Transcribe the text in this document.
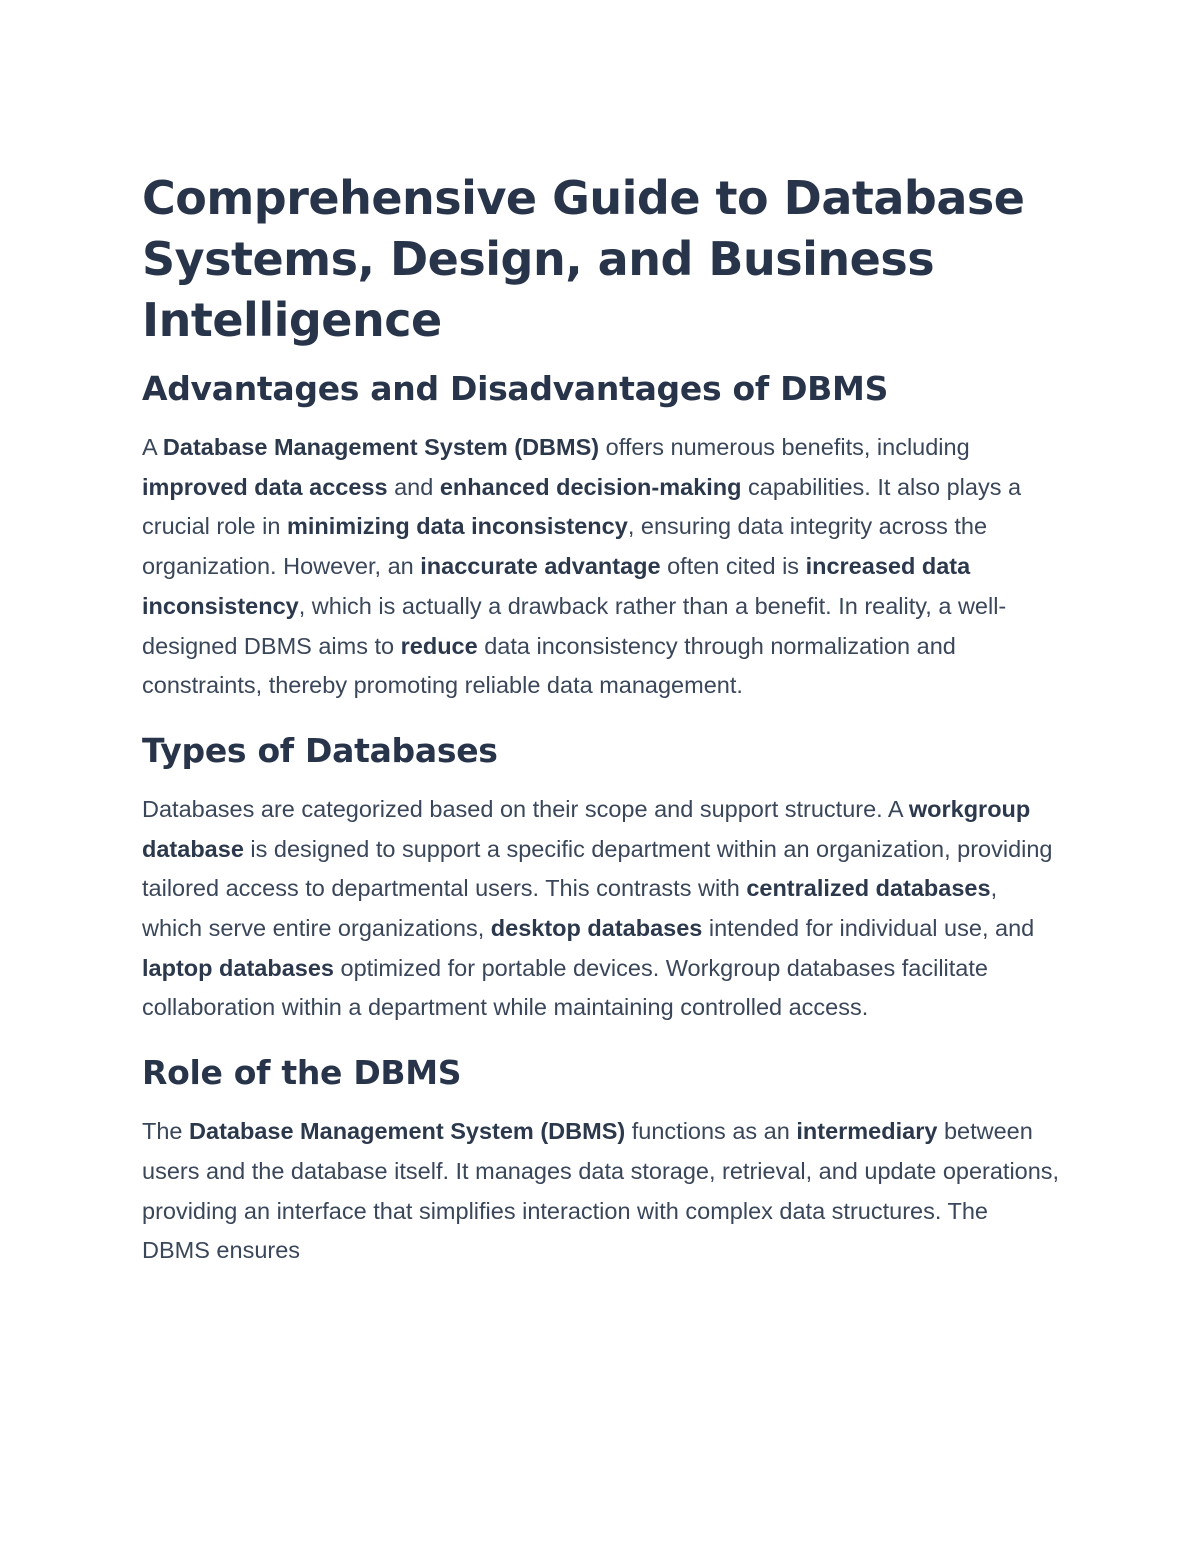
Comprehensive Guide to Database Systems, Design, and Business Intelligence
Advantages and Disadvantages of DBMS

A Database Management System (DBMS) offers numerous benefits, including improved data access and enhanced decision-making capabilities. It also plays a crucial role in minimizing data inconsistency, ensuring data integrity across the organization. However, an inaccurate advantage often cited is increased data inconsistency, which is actually a drawback rather than a benefit. In reality, a well-designed DBMS aims to reduce data inconsistency through normalization and constraints, thereby promoting reliable data management.

Types of Databases

Databases are categorized based on their scope and support structure. A workgroup database is designed to support a specific department within an organization, providing tailored access to departmental users. This contrasts with centralized databases, which serve entire organizations, desktop databases intended for individual use, and laptop databases optimized for portable devices. Workgroup databases facilitate collaboration within a department while maintaining controlled access.

Role of the DBMS

The Database Management System (DBMS) functions as an intermediary between users and the database itself. It manages data storage, retrieval, and update operations, providing an interface that simplifies interaction with complex data structures. The DBMS ensures
